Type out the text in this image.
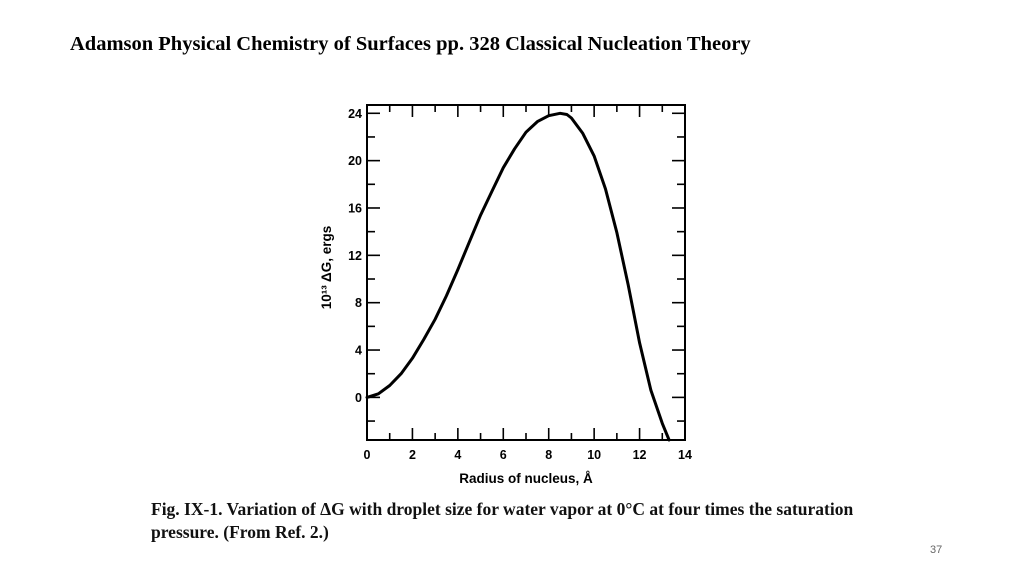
Adamson Physical Chemistry of Surfaces pp. 328 Classical Nucleation Theory
0	2	4	6	8	10	12	14
0
4
8
12
16
20
24
Radius of nucleus, Å
10¹³ ΔG, ergs
Fig. IX-1. Variation of ΔG with droplet size for water vapor at 0°C at four times the saturation pressure. (From Ref. 2.)
37
